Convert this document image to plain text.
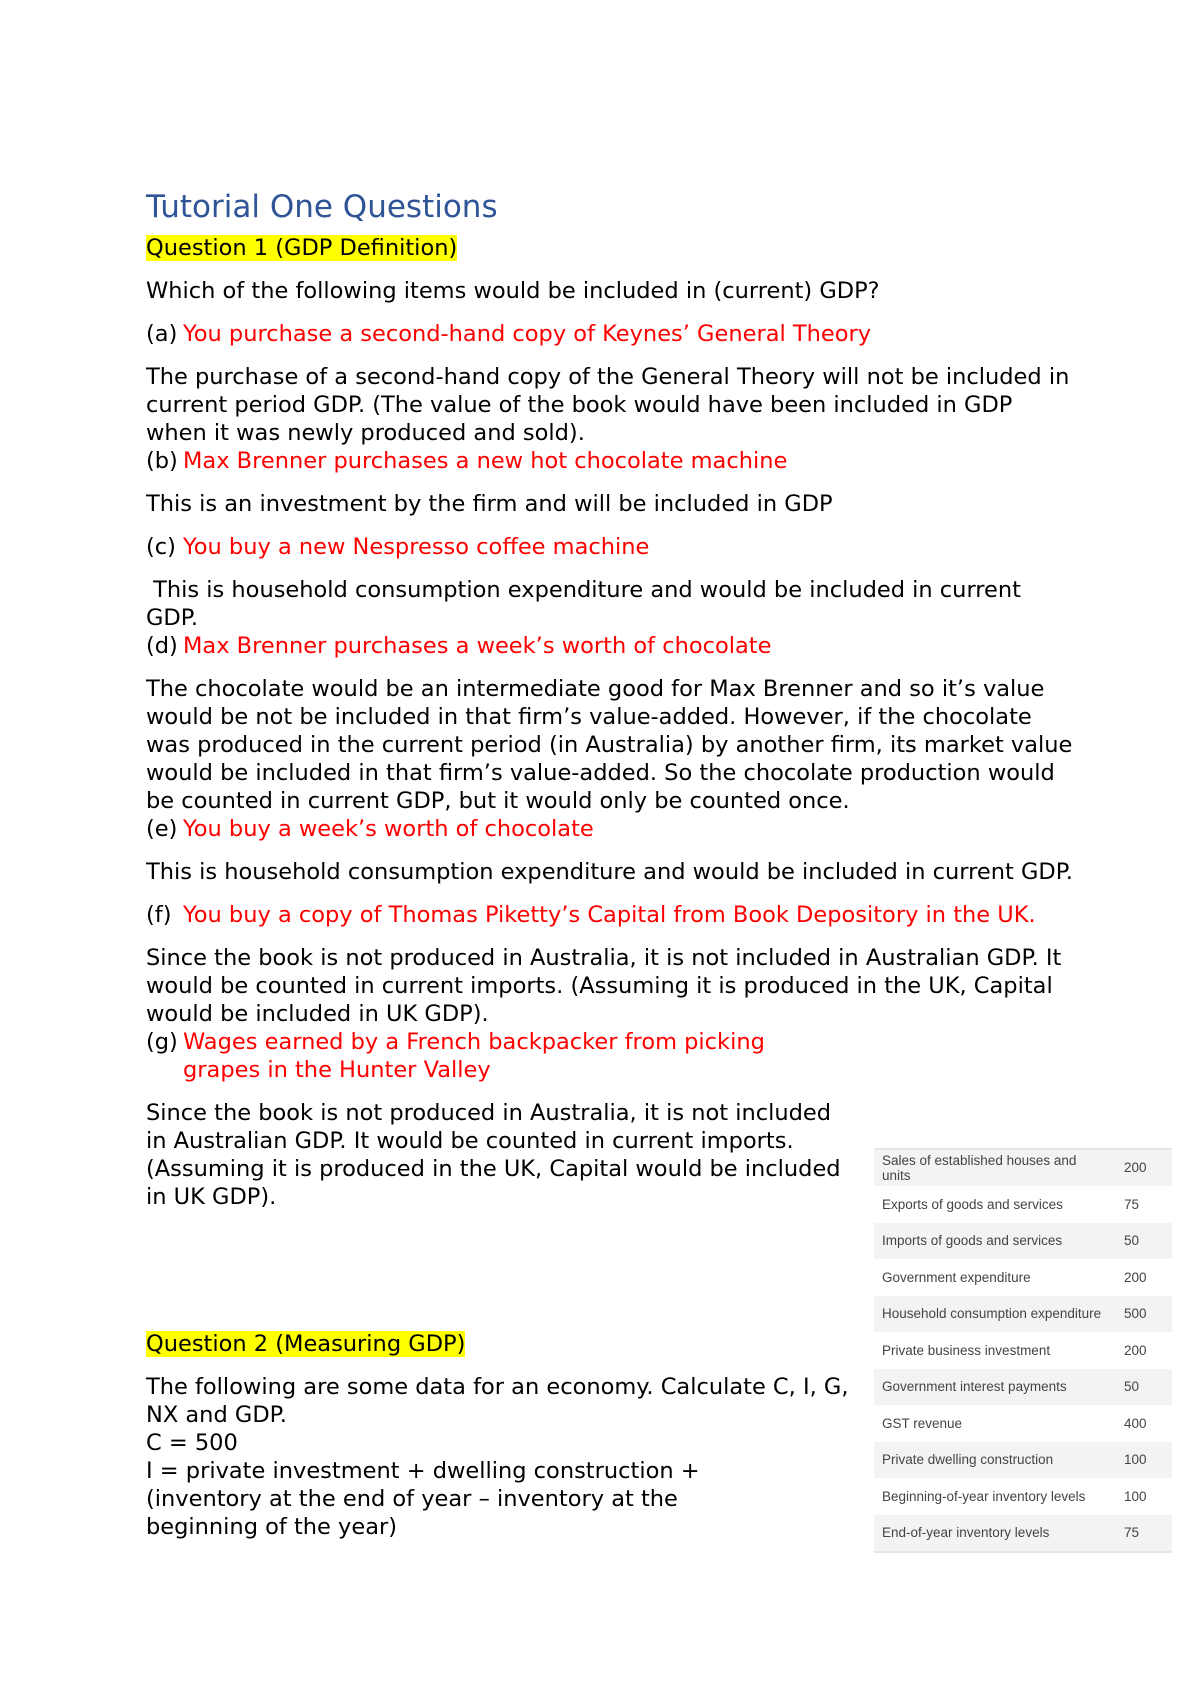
Tutorial One Questions

Question 1 (GDP Definition)

Which of the following items would be included in (current) GDP?

(a) You purchase a second-hand copy of Keynes’ General Theory

The purchase of a second-hand copy of the General Theory will not be included in current period GDP. (The value of the book would have been included in GDP when it was newly produced and sold).

(b) Max Brenner purchases a new hot chocolate machine

This is an investment by the firm and will be included in GDP

(c) You buy a new Nespresso coffee machine

This is household consumption expenditure and would be included in current GDP.

(d) Max Brenner purchases a week’s worth of chocolate

The chocolate would be an intermediate good for Max Brenner and so it’s value would be not be included in that firm’s value-added. However, if the chocolate was produced in the current period (in Australia) by another firm, its market value would be included in that firm’s value-added. So the chocolate production would be counted in current GDP, but it would only be counted once.

(e) You buy a week’s worth of chocolate

This is household consumption expenditure and would be included in current GDP.

(f) You buy a copy of Thomas Piketty’s Capital from Book Depository in the UK.

Since the book is not produced in Australia, it is not included in Australian GDP. It would be counted in current imports. (Assuming it is produced in the UK, Capital would be included in UK GDP).

(g) Wages earned by a French backpacker from picking grapes in the Hunter Valley

Since the book is not produced in Australia, it is not included in Australian GDP. It would be counted in current imports. (Assuming it is produced in the UK, Capital would be included in UK GDP).

Question 2 (Measuring GDP)

The following are some data for an economy. Calculate C, I, G, NX and GDP.

C = 500

I = private investment + dwelling construction + (inventory at the end of year – inventory at the beginning of the year)

Sales of established houses and units	200
Exports of goods and services	75
Imports of goods and services	50
Government expenditure	200
Household consumption expenditure	500
Private business investment	200
Government interest payments	50
GST revenue	400
Private dwelling construction	100
Beginning-of-year inventory levels	100
End-of-year inventory levels	75
